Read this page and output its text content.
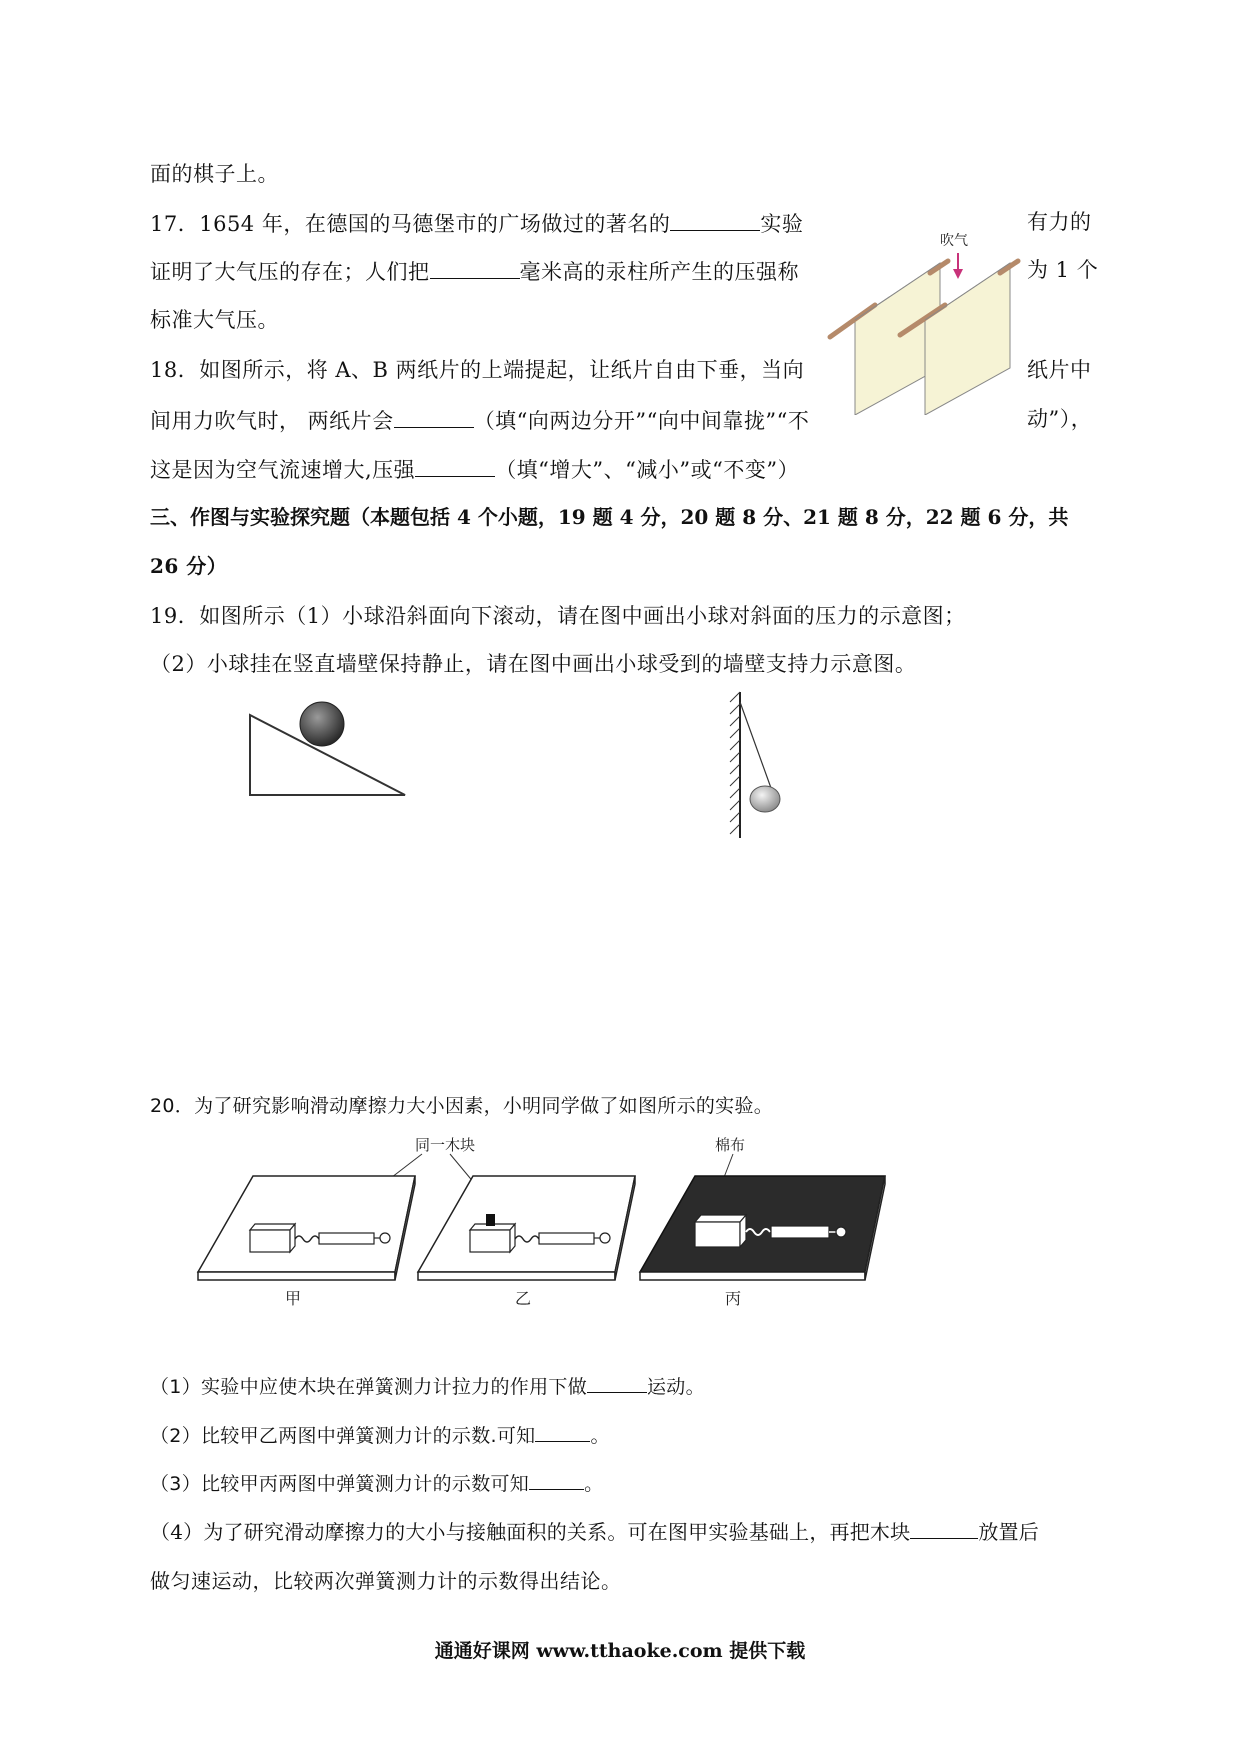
面的棋子上。
17．1654 年，在德国的马德堡市的广场做过的著名的	实验	有力的
证明了大气压的存在；人们把	毫米高的汞柱所产生的压强称	为 1 个
标准大气压。
吹气
18．如图所示，将 A、B 两纸片的上端提起，让纸片自由下垂，当向	纸片中
间用力吹气时， 两纸片会	（填“向两边分开”“向中间靠拢”“不	动”），
这是因为空气流速增大,压强	（填“增大”、“减小”或“不变”）
三、作图与实验探究题（本题包括 4 个小题，19 题 4 分，20 题 8 分、21 题 8 分，22 题 6 分，共
26 分）
19．如图所示（1）小球沿斜面向下滚动，请在图中画出小球对斜面的压力的示意图；
（2）小球挂在竖直墙壁保持静止，请在图中画出小球受到的墙壁支持力示意图。
20．为了研究影响滑动摩擦力大小因素，小明同学做了如图所示的实验。
同一木块	棉布
甲	乙	丙
（1）实验中应使木块在弹簧测力计拉力的作用下做	运动。
（2）比较甲乙两图中弹簧测力计的示数.可知	。
（3）比较甲丙两图中弹簧测力计的示数可知	。
（4）为了研究滑动摩擦力的大小与接触面积的关系。可在图甲实验基础上，再把木块	放置后
做匀速运动，比较两次弹簧测力计的示数得出结论。
通通好课网 www.tthaoke.com 提供下载
